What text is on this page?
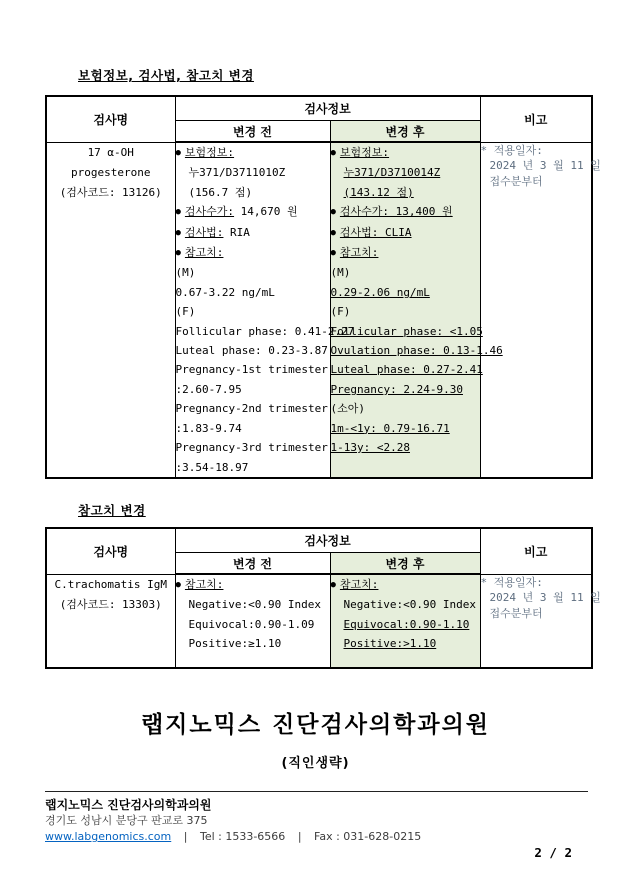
보험정보, 검사법, 참고치 변경
검사명	검사정보		비고
	변경 전	변경 후	

17 α-OH progesterone
(검사코드: 13126)

● 보험정보:
누371/D3711010Z
(156.7 점)
● 검사수가: 14,670 원
● 검사법: RIA
● 참고치:
(M)
0.67-3.22 ng/mL
(F)
Follicular phase: 0.41-2.27
Luteal phase: 0.23-3.87
Pregnancy-1st trimester
:2.60-7.95
Pregnancy-2nd trimester
:1.83-9.74
Pregnancy-3rd trimester
:3.54-18.97

● 보험정보:
누371/D3710014Z
(143.12 점)
● 검사수가: 13,400 원
● 검사법: CLIA
● 참고치:
(M)
0.29-2.06 ng/mL
(F)
Follicular phase: <1.05
Ovulation phase: 0.13-1.46
Luteal phase: 0.27-2.41
Pregnancy: 2.24-9.30
(소아)
1m-<1y: 0.79-16.71
1-13y: <2.28

* 적용일자:
2024 년 3 월 11 일
접수분부터
참고치 변경
검사명	검사정보		비고
	변경 전	변경 후	

C.trachomatis IgM
(검사코드: 13303)

● 참고치:
Negative:<0.90 Index
Equivocal:0.90-1.09
Positive:≥1.10

● 참고치:
Negative:<0.90 Index
Equivocal:0.90-1.10
Positive:>1.10

* 적용일자:
2024 년 3 월 11 일
접수분부터
랩지노믹스 진단검사의학과의원
(직인생략)
랩지노믹스 진단검사의학과의원
경기도 성남시 분당구 판교로 375
www.labgenomics.com | Tel : 1533-6566 | Fax : 031-628-0215
2 / 2
